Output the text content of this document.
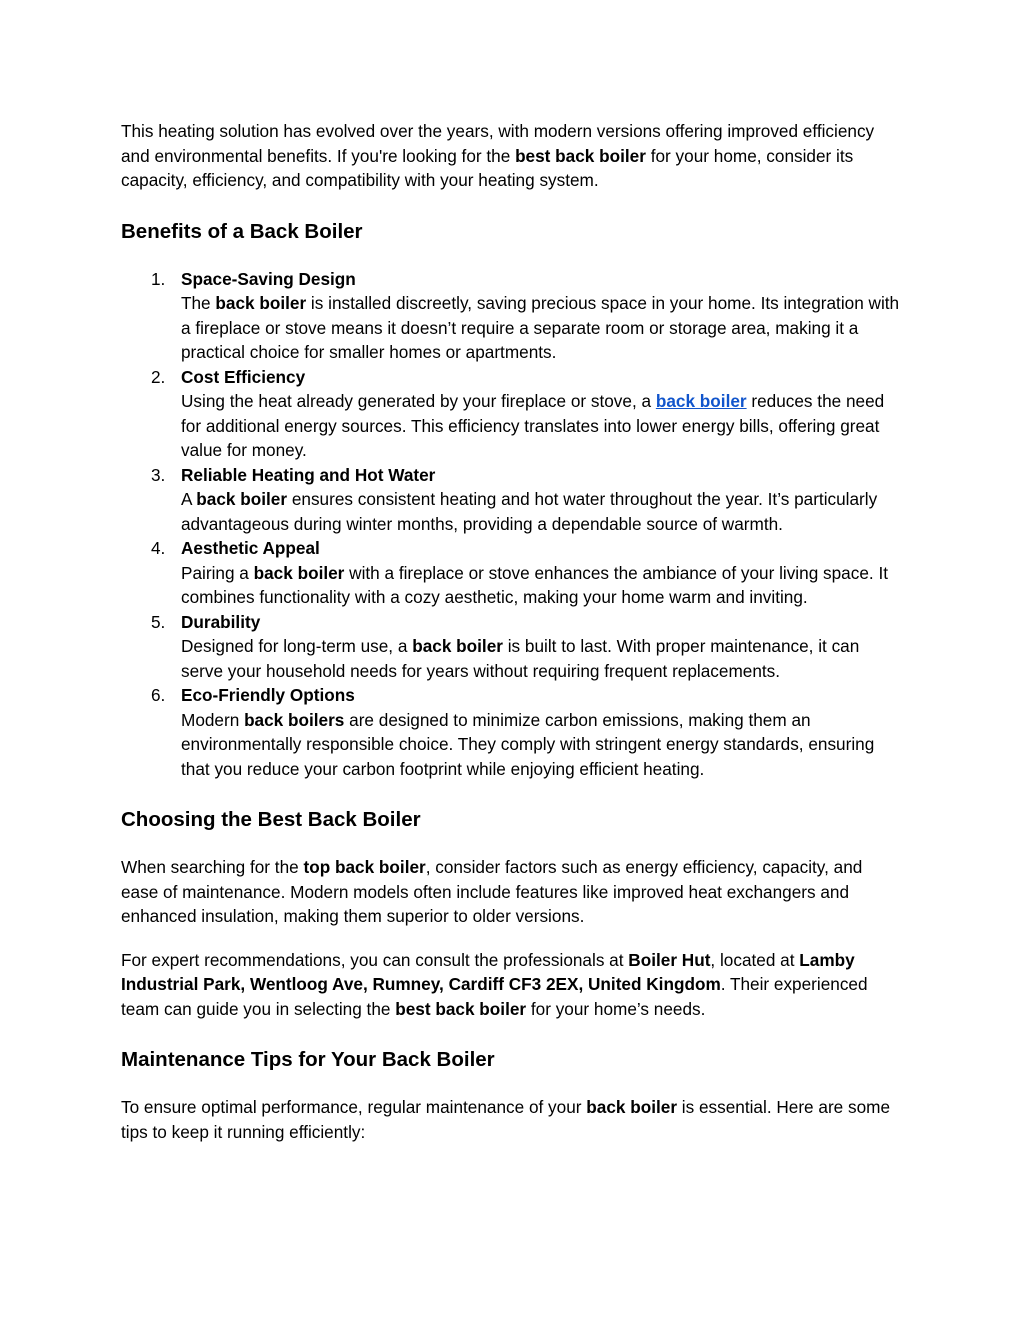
This heating solution has evolved over the years, with modern versions offering improved efficiency and environmental benefits. If you're looking for the best back boiler for your home, consider its capacity, efficiency, and compatibility with your heating system.

Benefits of a Back Boiler
1. Space-Saving Design
The back boiler is installed discreetly, saving precious space in your home. Its integration with a fireplace or stove means it doesn’t require a separate room or storage area, making it a practical choice for smaller homes or apartments.
2. Cost Efficiency
Using the heat already generated by your fireplace or stove, a back boiler reduces the need for additional energy sources. This efficiency translates into lower energy bills, offering great value for money.
3. Reliable Heating and Hot Water
A back boiler ensures consistent heating and hot water throughout the year. It’s particularly advantageous during winter months, providing a dependable source of warmth.
4. Aesthetic Appeal
Pairing a back boiler with a fireplace or stove enhances the ambiance of your living space. It combines functionality with a cozy aesthetic, making your home warm and inviting.
5. Durability
Designed for long-term use, a back boiler is built to last. With proper maintenance, it can serve your household needs for years without requiring frequent replacements.
6. Eco-Friendly Options
Modern back boilers are designed to minimize carbon emissions, making them an environmentally responsible choice. They comply with stringent energy standards, ensuring that you reduce your carbon footprint while enjoying efficient heating.
Choosing the Best Back Boiler

When searching for the top back boiler, consider factors such as energy efficiency, capacity, and ease of maintenance. Modern models often include features like improved heat exchangers and enhanced insulation, making them superior to older versions.

For expert recommendations, you can consult the professionals at Boiler Hut, located at Lamby Industrial Park, Wentloog Ave, Rumney, Cardiff CF3 2EX, United Kingdom. Their experienced team can guide you in selecting the best back boiler for your home’s needs.

Maintenance Tips for Your Back Boiler

To ensure optimal performance, regular maintenance of your back boiler is essential. Here are some tips to keep it running efficiently:
